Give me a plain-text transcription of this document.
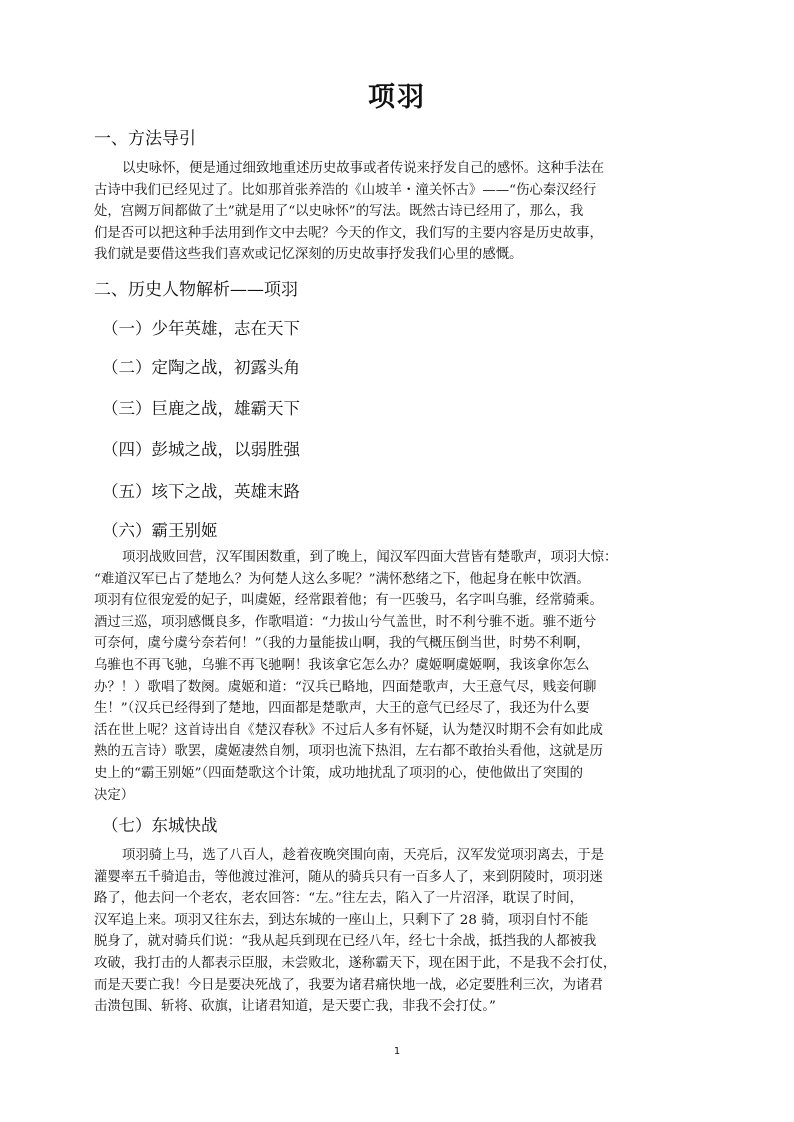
项羽
一、方法导引
以史咏怀，便是通过细致地重述历史故事或者传说来抒发自己的感怀。这种手法在
古诗中我们已经见过了。比如那首张养浩的《山坡羊・潼关怀古》——“伤心秦汉经行
处，宫阙万间都做了土”就是用了“以史咏怀”的写法。既然古诗已经用了，那么，我
们是否可以把这种手法用到作文中去呢？今天的作文，我们写的主要内容是历史故事，
我们就是要借这些我们喜欢或记忆深刻的历史故事抒发我们心里的感慨。
二、历史人物解析——项羽
（一）少年英雄，志在天下
（二）定陶之战，初露头角
（三）巨鹿之战，雄霸天下
（四）彭城之战，以弱胜强
（五）垓下之战，英雄末路
（六）霸王别姬
项羽战败回营，汉军围困数重，到了晚上，闻汉军四面大营皆有楚歌声，项羽大惊：
“难道汉军已占了楚地么？为何楚人这么多呢？”满怀愁绪之下，他起身在帐中饮酒。
项羽有位很宠爱的妃子，叫虞姬，经常跟着他；有一匹骏马，名字叫乌骓，经常骑乘。
酒过三巡，项羽感慨良多，作歌唱道：“力拔山兮气盖世，时不利兮骓不逝。骓不逝兮
可奈何，虞兮虞兮奈若何！”（我的力量能拔山啊，我的气概压倒当世，时势不利啊，
乌骓也不再飞驰，乌骓不再飞驰啊！我该拿它怎么办？虞姬啊虞姬啊，我该拿你怎么
办？！）歌唱了数阕。虞姬和道：“汉兵已略地，四面楚歌声，大王意气尽，贱妾何聊
生！”（汉兵已经得到了楚地，四面都是楚歌声，大王的意气已经尽了，我还为什么要
活在世上呢？这首诗出自《楚汉春秋》不过后人多有怀疑，认为楚汉时期不会有如此成
熟的五言诗）歌罢，虞姬凄然自刎，项羽也流下热泪，左右都不敢抬头看他，这就是历
史上的“霸王别姬”（四面楚歌这个计策，成功地扰乱了项羽的心，使他做出了突围的
决定）
（七）东城快战
项羽骑上马，选了八百人，趁着夜晚突围向南，天亮后，汉军发觉项羽离去，于是
灌婴率五千骑追击，等他渡过淮河，随从的骑兵只有一百多人了，来到阴陵时，项羽迷
路了，他去问一个老农，老农回答：“左。”往左去，陷入了一片沼泽，耽误了时间，
汉军追上来。项羽又往东去，到达东城的一座山上，只剩下了 28 骑，项羽自忖不能
脱身了，就对骑兵们说：“我从起兵到现在已经八年，经七十余战，抵挡我的人都被我
攻破，我打击的人都表示臣服，未尝败北，遂称霸天下，现在困于此，不是我不会打仗，
而是天要亡我！今日是要决死战了，我要为诸君痛快地一战，必定要胜利三次，为诸君
击溃包围、斩将、砍旗，让诸君知道，是天要亡我，非我不会打仗。”
1
